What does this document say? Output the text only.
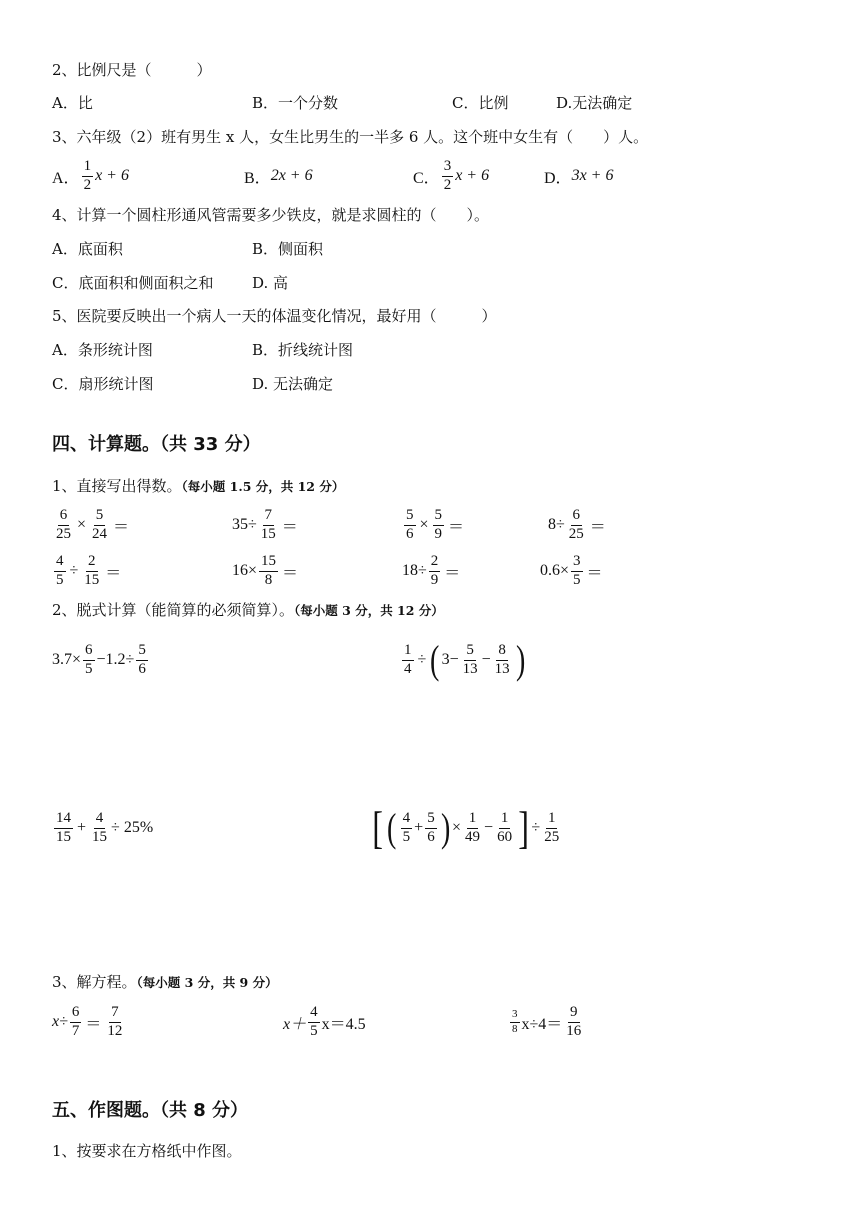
2、比例尺是（　　　）
A．比	B．一个分数	C．比例	D.无法确定
3、六年级（2）班有男生 x 人，女生比男生的一半多 6 人。这个班中女生有（　　）人。
A． $\frac{1}{2}$ x + 6	B． 2x + 6	C． $\frac{3}{2}$ x + 6	D． 3x + 6
4、计算一个圆柱形通风管需要多少铁皮，就是求圆柱的（　　）。
A．底面积	B．侧面积
C．底面积和侧面积之和	D. 高
5、医院要反映出一个病人一天的体温变化情况，最好用（　　　）
A．条形统计图	B．折线统计图
C．扇形统计图	D. 无法确定
四、计算题。（共 33 分）
1、直接写出得数。（每小题 1.5 分，共 12 分）
$\frac{6}{25} \times \frac{5}{24}$ ＝	$35\div \frac{7}{15}$ ＝	$\frac{5}{6} \times \frac{5}{9}$ ＝	$8\div \frac{6}{25}$ ＝
$\frac{4}{5} \div \frac{2}{15}$ ＝	$16\times \frac{15}{8}$ ＝	$18\div \frac{2}{9}$ ＝	$0.6\times \frac{3}{5}$ ＝
2、脱式计算（能简算的必须简算）。（每小题 3 分，共 12 分）
$3.7\times \frac{6}{5} -1.2\div \frac{5}{6}$	$\frac{1}{4}$ ÷ ( $3- \frac{5}{13} - \frac{8}{13}$ )
$\frac{14}{15} + \frac{4}{15} \div 25\%$	[ ( $\frac{4}{5} + \frac{5}{6}$ ) × $\frac{1}{49} - \frac{1}{60}$ ] ÷ $\frac{1}{25}$
3、解方程。（每小题 3 分，共 9 分）
$x\div \frac{6}{7} = \frac{7}{12}$	$x+ \frac{4}{5} x=4.5$	$\frac{3}{8} x\div 4= \frac{9}{16}$
五、作图题。（共 8 分）
1、按要求在方格纸中作图。
